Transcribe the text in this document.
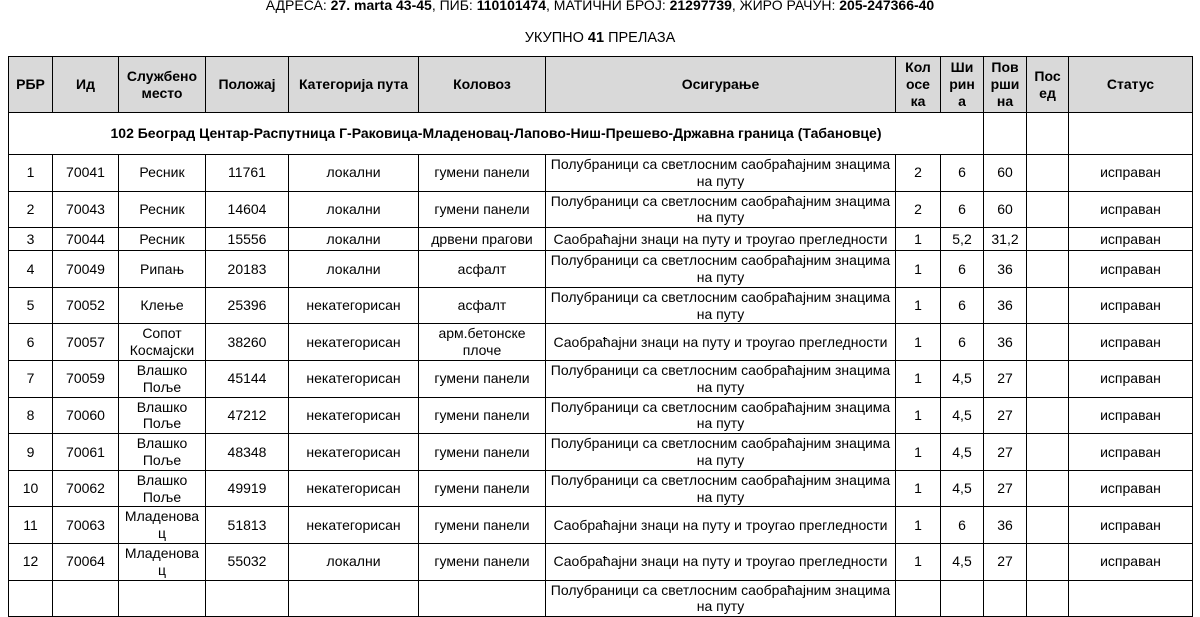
АДРЕСА: 27. marta 43-45, ПИБ: 110101474, МАТИЧНИ БРОЈ: 21297739, ЖИРО РАЧУН: 205-247366-40

УКУПНО 41 ПРЕЛАЗА

РБР	Ид	Службено место	Положај	Категорија пута	Коловоз	Осигурање	Кол осе ка	Ши рин а	Пов рши на	Пос ед	Статус
102 Београд Центар-Распутница Г-Раковица-Младеновац-Лапово-Ниш-Прешево-Државна граница (Табановце)											
1	70041	Ресник	11761	локални	гумени панели	Полубраници са светлосним саобраћајним знацима на путу	2	6	60		исправан
2	70043	Ресник	14604	локални	гумени панели	Полубраници са светлосним саобраћајним знацима на путу	2	6	60		исправан
3	70044	Ресник	15556	локални	дрвени прагови	Саобраћајни знаци на путу и троугао прегледности	1	5,2	31,2		исправан
4	70049	Рипањ	20183	локални	асфалт	Полубраници са светлосним саобраћајним знацима на путу	1	6	36		исправан
5	70052	Клење	25396	некатегорисан	асфалт	Полубраници са светлосним саобраћајним знацима на путу	1	6	36		исправан
6	70057	Сопот Космајски	38260	некатегорисан	арм.бетонске плоче	Саобраћајни знаци на путу и троугао прегледности	1	6	36		исправан
7	70059	Влашко Поље	45144	некатегорисан	гумени панели	Полубраници са светлосним саобраћајним знацима на путу	1	4,5	27		исправан
8	70060	Влашко Поље	47212	некатегорисан	гумени панели	Полубраници са светлосним саобраћајним знацима на путу	1	4,5	27		исправан
9	70061	Влашко Поље	48348	некатегорисан	гумени панели	Полубраници са светлосним саобраћајним знацима на путу	1	4,5	27		исправан
10	70062	Влашко Поље	49919	некатегорисан	гумени панели	Полубраници са светлосним саобраћајним знацима на путу	1	4,5	27		исправан
11	70063	Младеновац	51813	некатегорисан	гумени панели	Саобраћајни знаци на путу и троугао прегледности	1	6	36		исправан
12	70064	Младеновац	55032	локални	гумени панели	Саобраћајни знаци на путу и троугао прегледности	1	4,5	27		исправан
						Полубраници са светлосним саобраћајним знацима на путу					
